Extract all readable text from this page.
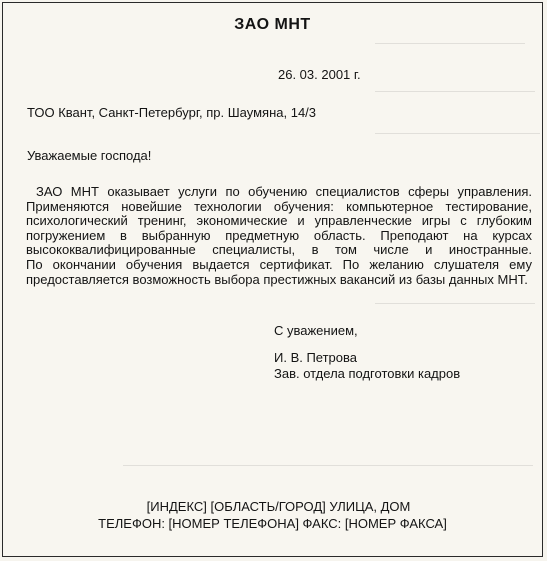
ЗАО МНТ
26. 03. 2001 г.
ТОО Квант, Санкт-Петербург, пр. Шаумяна, 14/3
Уважаемые господа!
ЗАО МНТ оказывает услуги по обучению специалистов сферы управления.
Применяются новейшие технологии обучения: компьютерное тестирование,
психологический тренинг, экономические и управленческие игры с глубоким
погружением в выбранную предметную область. Преподают на курсах
высококвалифицированные специалисты, в том числе и иностранные.
По окончании обучения выдается сертификат. По желанию слушателя ему
предоставляется возможность выбора престижных вакансий из базы данных МНТ.
С уважением,
И. В. Петрова
Зав. отдела подготовки кадров
[ИНДЕКС] [ОБЛАСТЬ/ГОРОД] УЛИЦА, ДОМ
ТЕЛЕФОН: [НОМЕР ТЕЛЕФОНА] ФАКС: [НОМЕР ФАКСА]
